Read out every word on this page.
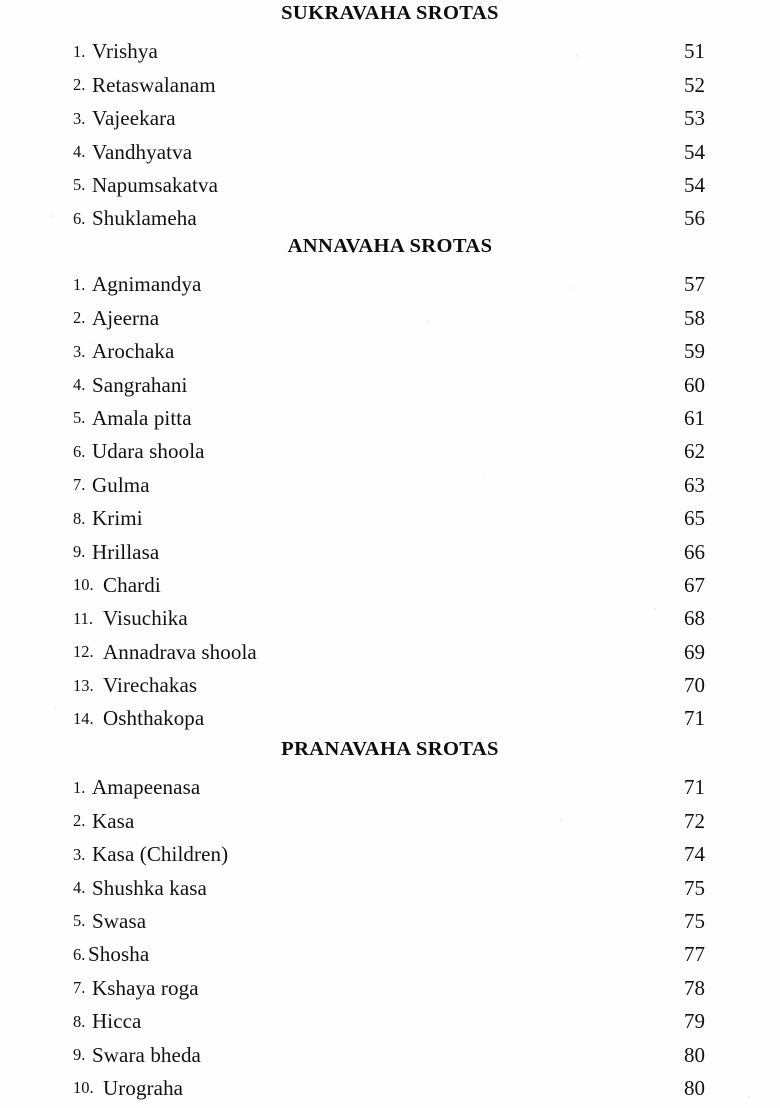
SUKRAVAHA SROTAS
1. Vrishya	51
2. Retaswalanam	52
3. Vajeekara	53
4. Vandhyatva	54
5. Napumsakatva	54
6. Shuklameha	56
ANNAVAHA SROTAS
1. Agnimandya	57
2. Ajeerna	58
3. Arochaka	59
4. Sangrahani	60
5. Amala pitta	61
6. Udara shoola	62
7. Gulma	63
8. Krimi	65
9. Hrillasa	66
10. Chardi	67
11. Visuchika	68
12. Annadrava shoola	69
13. Virechakas	70
14. Oshthakopa	71
PRANAVAHA SROTAS
1. Amapeenasa	71
2. Kasa	72
3. Kasa (Children)	74
4. Shushka kasa	75
5. Swasa	75
6. Shosha	77
7. Kshaya roga	78
8. Hicca	79
9. Swara bheda	80
10. Urograha	80
